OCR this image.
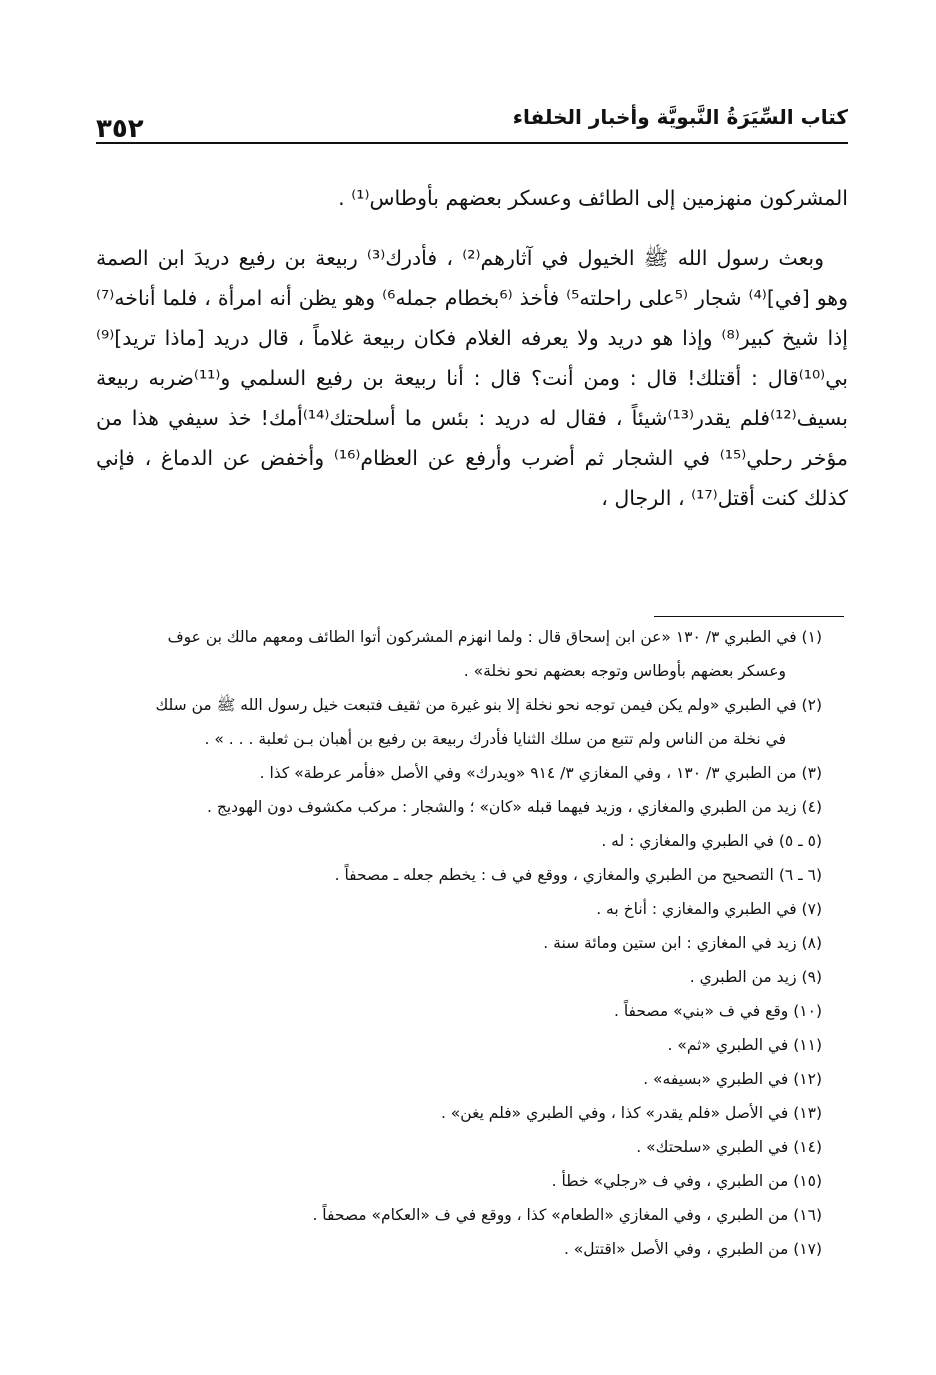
كتاب السِّيَرَةُ النَّبويَّة وأخبار الخلفاء
٣٥٢

المشركون منهزمين إلى الطائف وعسكر بعضهم بأوطاس⁽¹⁾ .

وبعث رسول الله ﷺ الخيول في آثارهم⁽²⁾ ، فأدرك⁽³⁾ ربيعة بن رفيع دريدَ ابن الصمة وهو [في]⁽⁴⁾ شجار ⁽⁵على راحلته⁵⁾ فأخذ ⁽⁶بخطام جمله⁶⁾ وهو يظن أنه امرأة ، فلما أناخه⁽⁷⁾ إذا شيخ كبير⁽⁸⁾ وإذا هو دريد ولا يعرفه الغلام فكان ربيعة غلاماً ، قال دريد [ماذا تريد]⁽⁹⁾ بي⁽¹⁰⁾قال : أقتلك! قال : ومن أنت؟ قال : أنا ربيعة بن رفيع السلمي و⁽¹¹⁾ضربه ربيعة بسيف⁽¹²⁾فلم يقدر⁽¹³⁾شيئاً ، فقال له دريد : بئس ما أسلحتك⁽¹⁴⁾أمك! خذ سيفي هذا من مؤخر رحلي⁽¹⁵⁾ في الشجار ثم أضرب وأرفع عن العظام⁽¹⁶⁾ وأخفض عن الدماغ ، فإني كذلك كنت أقتل⁽¹⁷⁾ ، الرجال ،

(١) في الطبري ٣/ ١٣٠ «عن ابن إسحاق قال : ولما انهزم المشركون أتوا الطائف ومعهم مالك بن عوف
وعسكر بعضهم بأوطاس وتوجه بعضهم نحو نخلة» .
(٢) في الطبري «ولم يكن فيمن توجه نحو نخلة إلا بنو غيرة من ثقيف فتبعت خيل رسول الله ﷺ من سلك
في نخلة من الناس ولم تتبع من سلك الثنايا فأدرك ربيعة بن رفيع بن أهبان بـن ثعلبة . . . » .
(٣) من الطبري ٣/ ١٣٠ ، وفي المغازي ٣/ ٩١٤ «ويدرك» وفي الأصل «فأمر عرطة» كذا .
(٤) زيد من الطبري والمغازي ، وزيد فيهما قبله «كان» ؛ والشجار : مركب مكشوف دون الهوديج .
(٥ ـ ٥) في الطبري والمغازي : له .
(٦ ـ ٦) التصحيح من الطبري والمغازي ، ووقع في ف : يخطم جعله ـ مصحفاً .
(٧) في الطبري والمغازي : أناخ به .
(٨) زيد في المغازي : ابن ستين ومائة سنة .
(٩) زيد من الطبري .
(١٠) وقع في ف «بني» مصحفاً .
(١١) في الطبري «ثم» .
(١٢) في الطبري «بسيفه» .
(١٣) في الأصل «فلم يقدر» كذا ، وفي الطبري «فلم يغن» .
(١٤) في الطبري «سلحتك» .
(١٥) من الطبري ، وفي ف «رجلي» خطأ .
(١٦) من الطبري ، وفي المغازي «الطعام» كذا ، ووقع في ف «العكام» مصحفاً .
(١٧) من الطبري ، وفي الأصل «اقتتل» .
